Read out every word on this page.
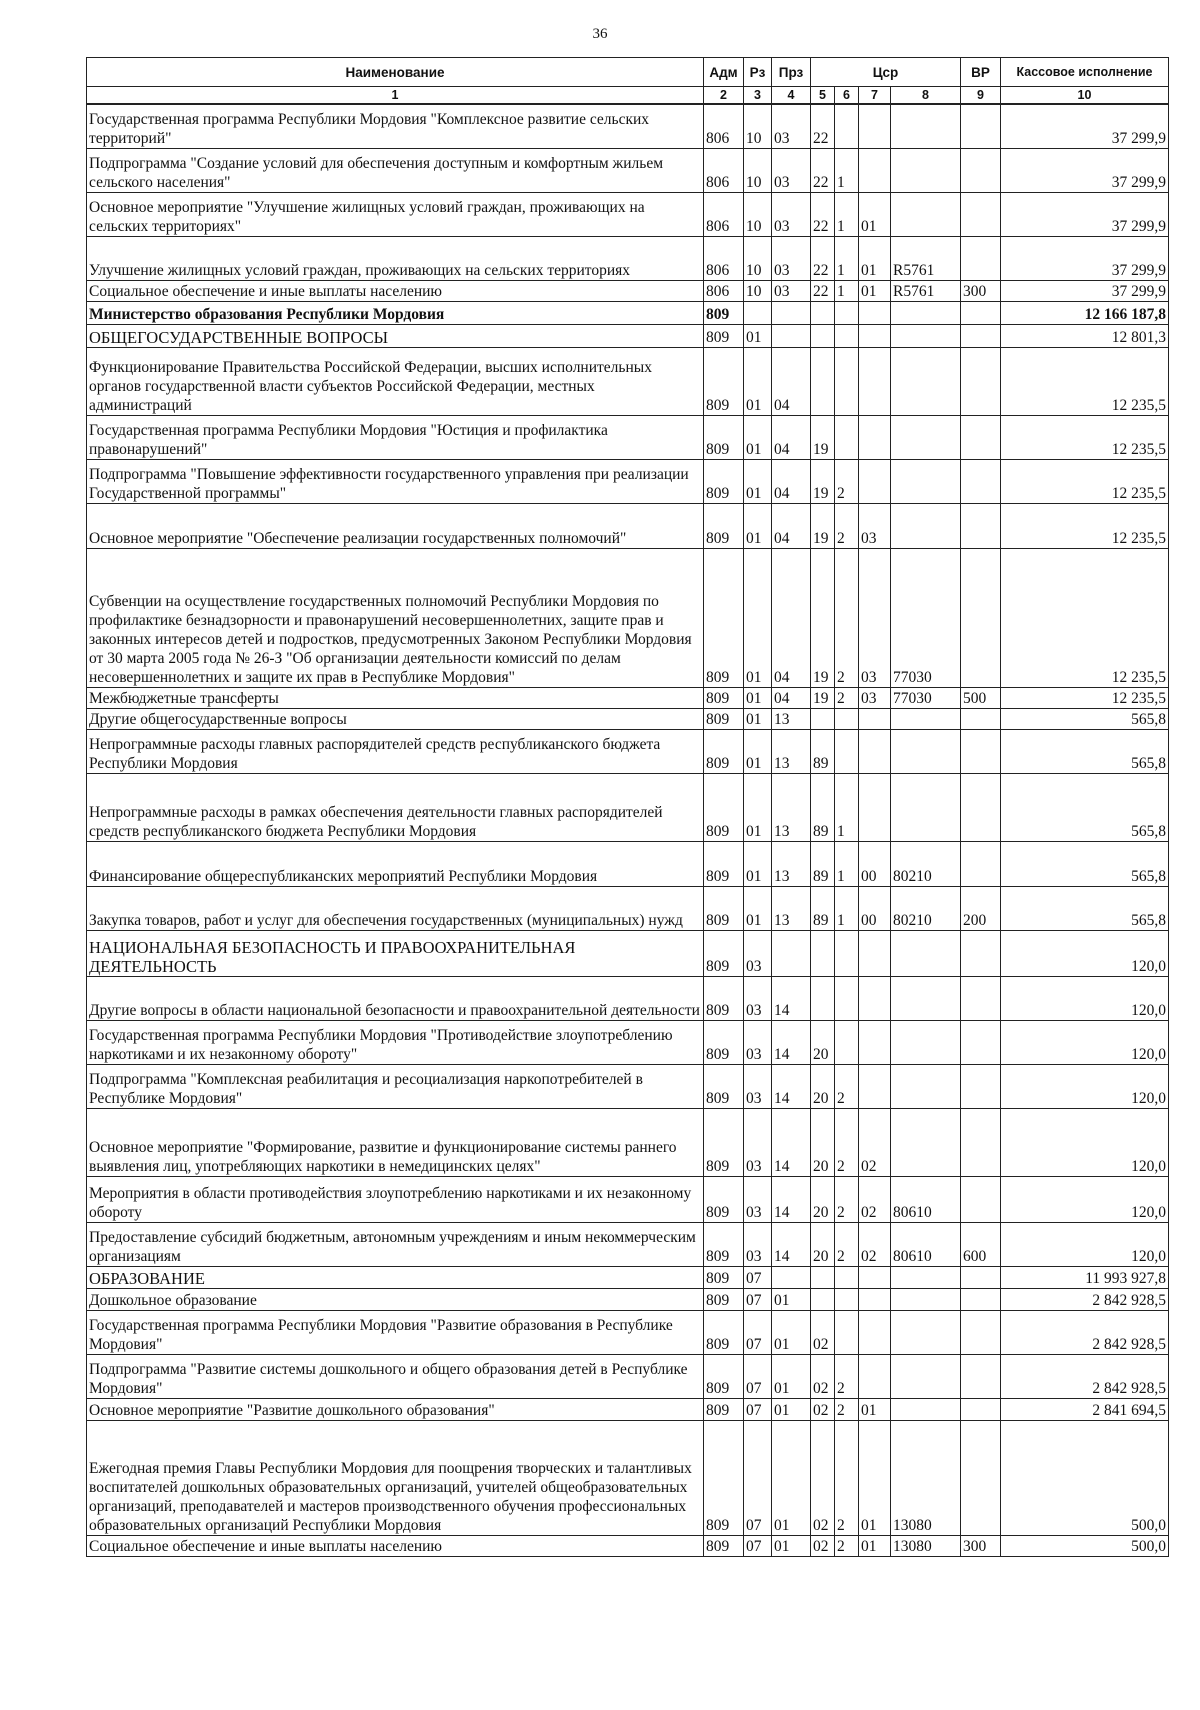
36
Наименование	Адм	Рз	Прз	Цср				ВР	Кассовое исполнение
1	2	3	4	5	6	7	8	9	10
Государственная программа Республики Мордовия "Комплексное развитие сельских территорий"	806	10	03	22					37 299,9
Подпрограмма "Создание условий для обеспечения доступным и комфортным жильем сельского населения"	806	10	03	22	1				37 299,9
Основное мероприятие "Улучшение жилищных условий граждан, проживающих на сельских территориях"	806	10	03	22	1	01			37 299,9
Улучшение жилищных условий граждан, проживающих на сельских территориях	806	10	03	22	1	01	R5761		37 299,9
Социальное обеспечение и иные выплаты населению	806	10	03	22	1	01	R5761	300	37 299,9
Министерство образования Республики Мордовия	809								12 166 187,8
ОБЩЕГОСУДАРСТВЕННЫЕ ВОПРОСЫ	809	01							12 801,3
Функционирование Правительства Российской Федерации, высших исполнительных органов государственной власти субъектов Российской Федерации, местных администраций	809	01	04						12 235,5
Государственная программа Республики Мордовия "Юстиция и профилактика правонарушений"	809	01	04	19					12 235,5
Подпрограмма "Повышение эффективности государственного управления при реализации Государственной программы"	809	01	04	19	2				12 235,5
Основное мероприятие "Обеспечение реализации государственных полномочий"	809	01	04	19	2	03			12 235,5
Субвенции на осуществление государственных полномочий Республики Мордовия по профилактике безнадзорности и правонарушений несовершеннолетних, защите прав и законных интересов детей и подростков, предусмотренных Законом Республики Мордовия от 30 марта 2005 года № 26-З "Об организации деятельности комиссий по делам несовершеннолетних и защите их прав в Республике Мордовия"	809	01	04	19	2	03	77030		12 235,5
Межбюджетные трансферты	809	01	04	19	2	03	77030	500	12 235,5
Другие общегосударственные вопросы	809	01	13						565,8
Непрограммные расходы главных распорядителей средств республиканского бюджета Республики Мордовия	809	01	13	89					565,8
Непрограммные расходы в рамках обеспечения деятельности главных распорядителей средств республиканского бюджета Республики Мордовия	809	01	13	89	1				565,8
Финансирование общереспубликанских мероприятий Республики Мордовия	809	01	13	89	1	00	80210		565,8
Закупка товаров, работ и услуг для обеспечения государственных (муниципальных) нужд	809	01	13	89	1	00	80210	200	565,8
НАЦИОНАЛЬНАЯ БЕЗОПАСНОСТЬ И ПРАВООХРАНИТЕЛЬНАЯ ДЕЯТЕЛЬНОСТЬ	809	03							120,0
Другие вопросы в области национальной безопасности и правоохранительной деятельности	809	03	14						120,0
Государственная программа Республики Мордовия "Противодействие злоупотреблению наркотиками и их незаконному обороту"	809	03	14	20					120,0
Подпрограмма "Комплексная реабилитация и ресоциализация наркопотребителей в Республике Мордовия"	809	03	14	20	2				120,0
Основное мероприятие "Формирование, развитие и функционирование системы раннего выявления лиц, употребляющих наркотики в немедицинских целях"	809	03	14	20	2	02			120,0
Мероприятия в области противодействия злоупотреблению наркотиками и их незаконному обороту	809	03	14	20	2	02	80610		120,0
Предоставление субсидий бюджетным, автономным учреждениям и иным некоммерческим организациям	809	03	14	20	2	02	80610	600	120,0
ОБРАЗОВАНИЕ	809	07							11 993 927,8
Дошкольное образование	809	07	01						2 842 928,5
Государственная программа Республики Мордовия "Развитие образования в Республике Мордовия"	809	07	01	02					2 842 928,5
Подпрограмма "Развитие системы дошкольного и общего образования детей в Республике Мордовия"	809	07	01	02	2				2 842 928,5
Основное мероприятие "Развитие дошкольного образования"	809	07	01	02	2	01			2 841 694,5
Ежегодная премия Главы Республики Мордовия для поощрения творческих и талантливых воспитателей дошкольных образовательных организаций, учителей общеобразовательных организаций, преподавателей и мастеров производственного обучения профессиональных образовательных организаций Республики Мордовия	809	07	01	02	2	01	13080		500,0
Социальное обеспечение и иные выплаты населению	809	07	01	02	2	01	13080	300	500,0
